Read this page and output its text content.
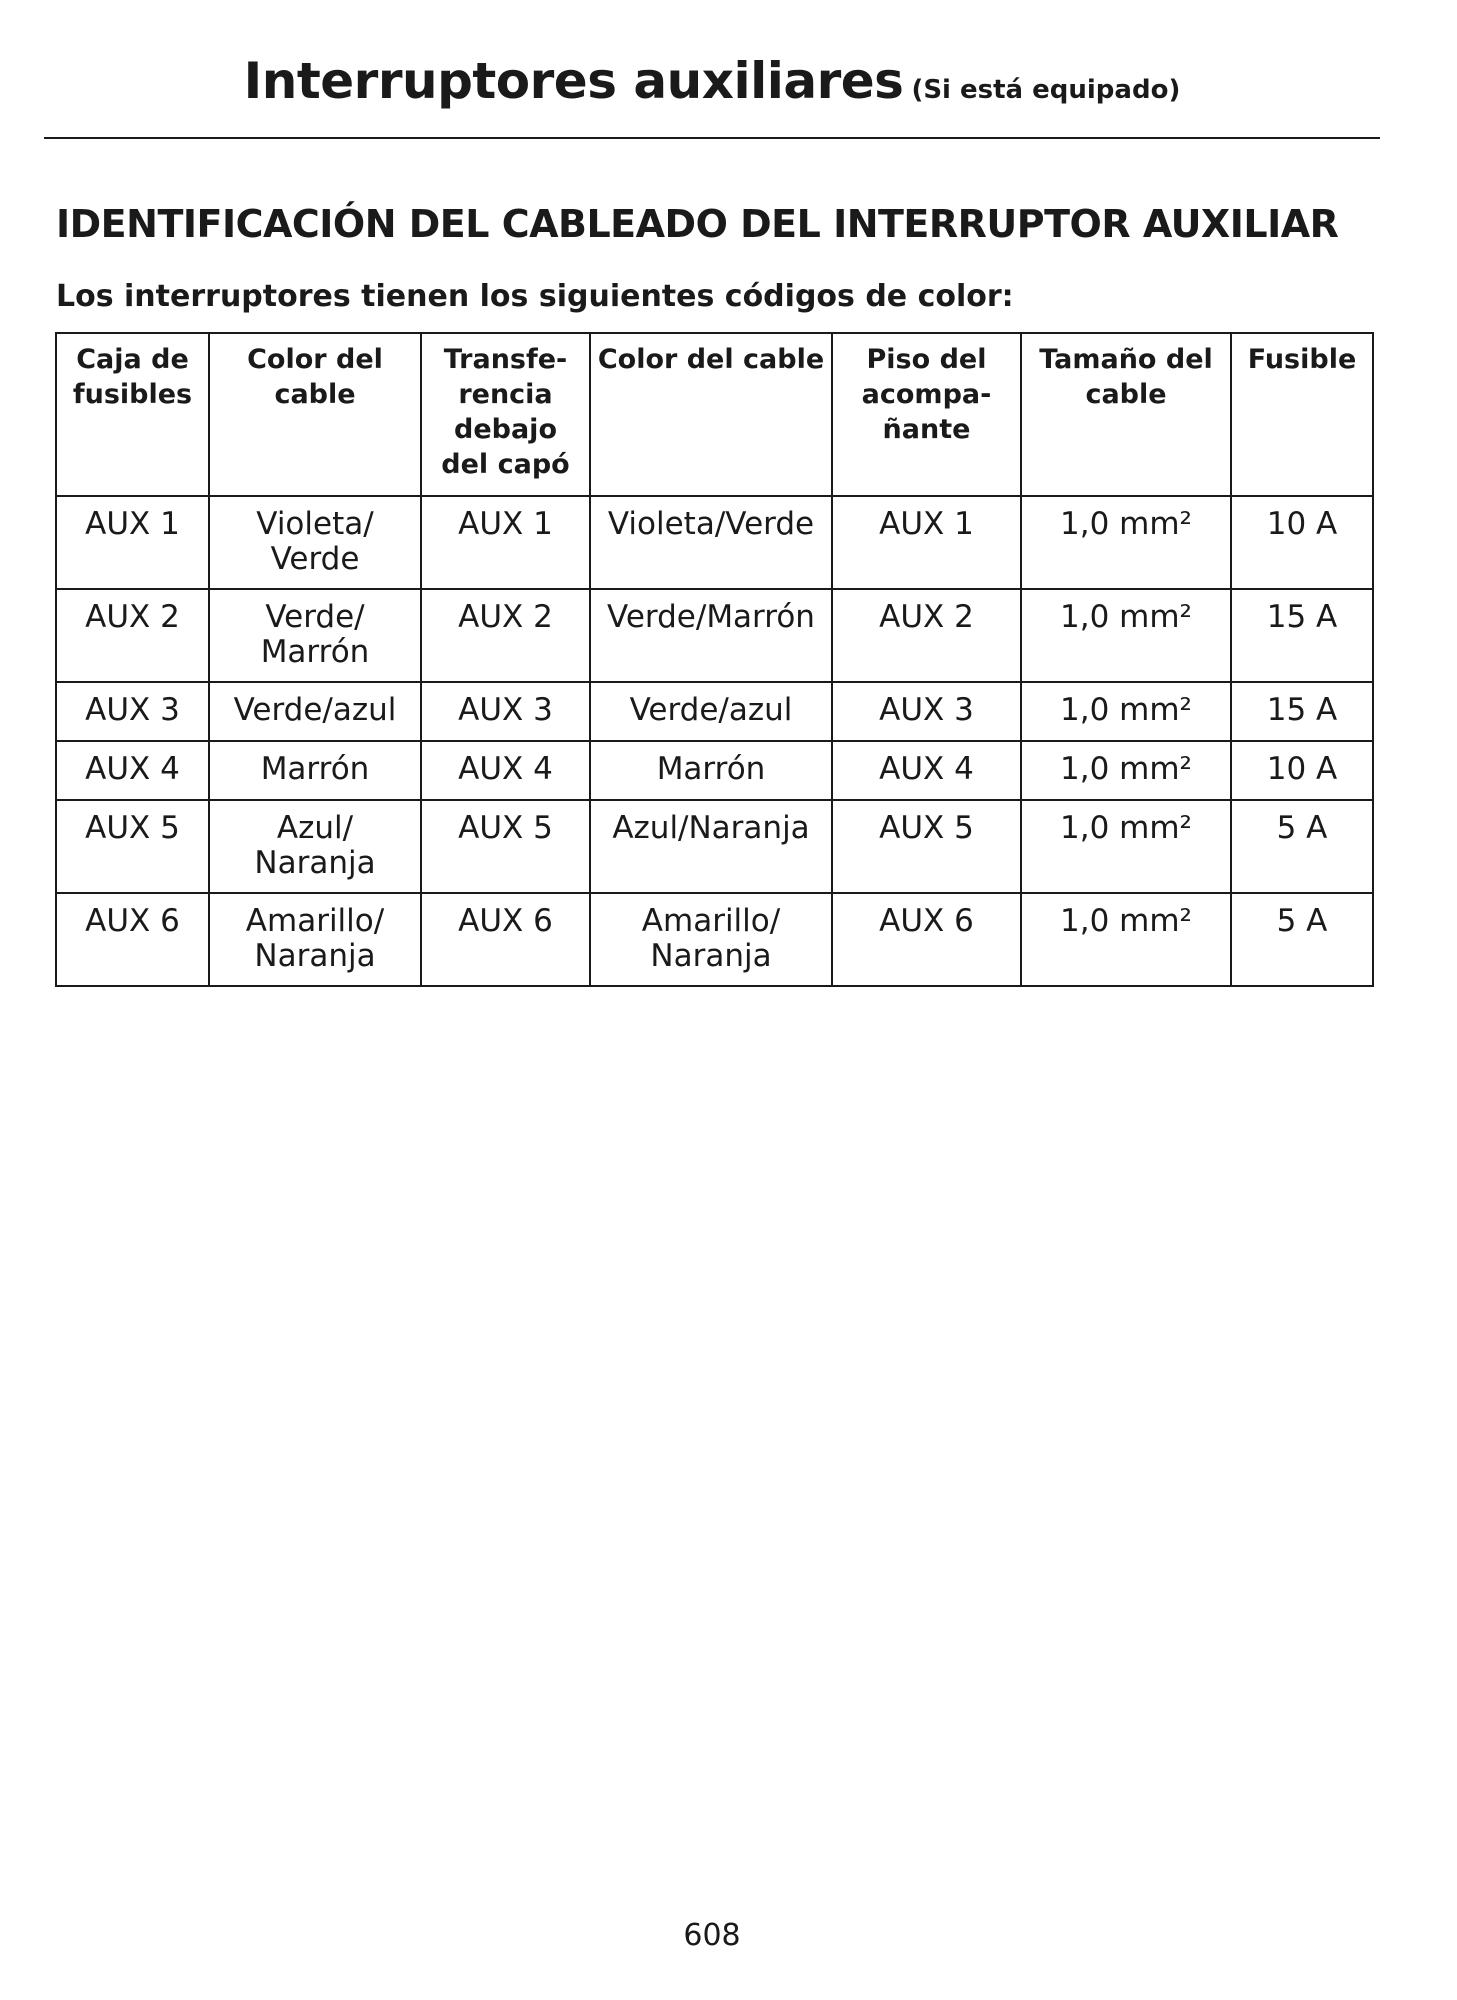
Interruptores auxiliares (Si está equipado)
IDENTIFICACIÓN DEL CABLEADO DEL INTERRUPTOR AUXILIAR
Los interruptores tienen los siguientes códigos de color:
Caja de fusibles	Color del cable	Transfe-rencia debajo del capó	Color del cable	Piso del acompa-ñante	Tamaño del cable	Fusible
AUX 1	Violeta/ Verde	AUX 1	Violeta/Verde	AUX 1	1,0 mm²	10 A
AUX 2	Verde/ Marrón	AUX 2	Verde/Marrón	AUX 2	1,0 mm²	15 A
AUX 3	Verde/azul	AUX 3	Verde/azul	AUX 3	1,0 mm²	15 A
AUX 4	Marrón	AUX 4	Marrón	AUX 4	1,0 mm²	10 A
AUX 5	Azul/ Naranja	AUX 5	Azul/Naranja	AUX 5	1,0 mm²	5 A
AUX 6	Amarillo/ Naranja	AUX 6	Amarillo/ Naranja	AUX 6	1,0 mm²	5 A
608
